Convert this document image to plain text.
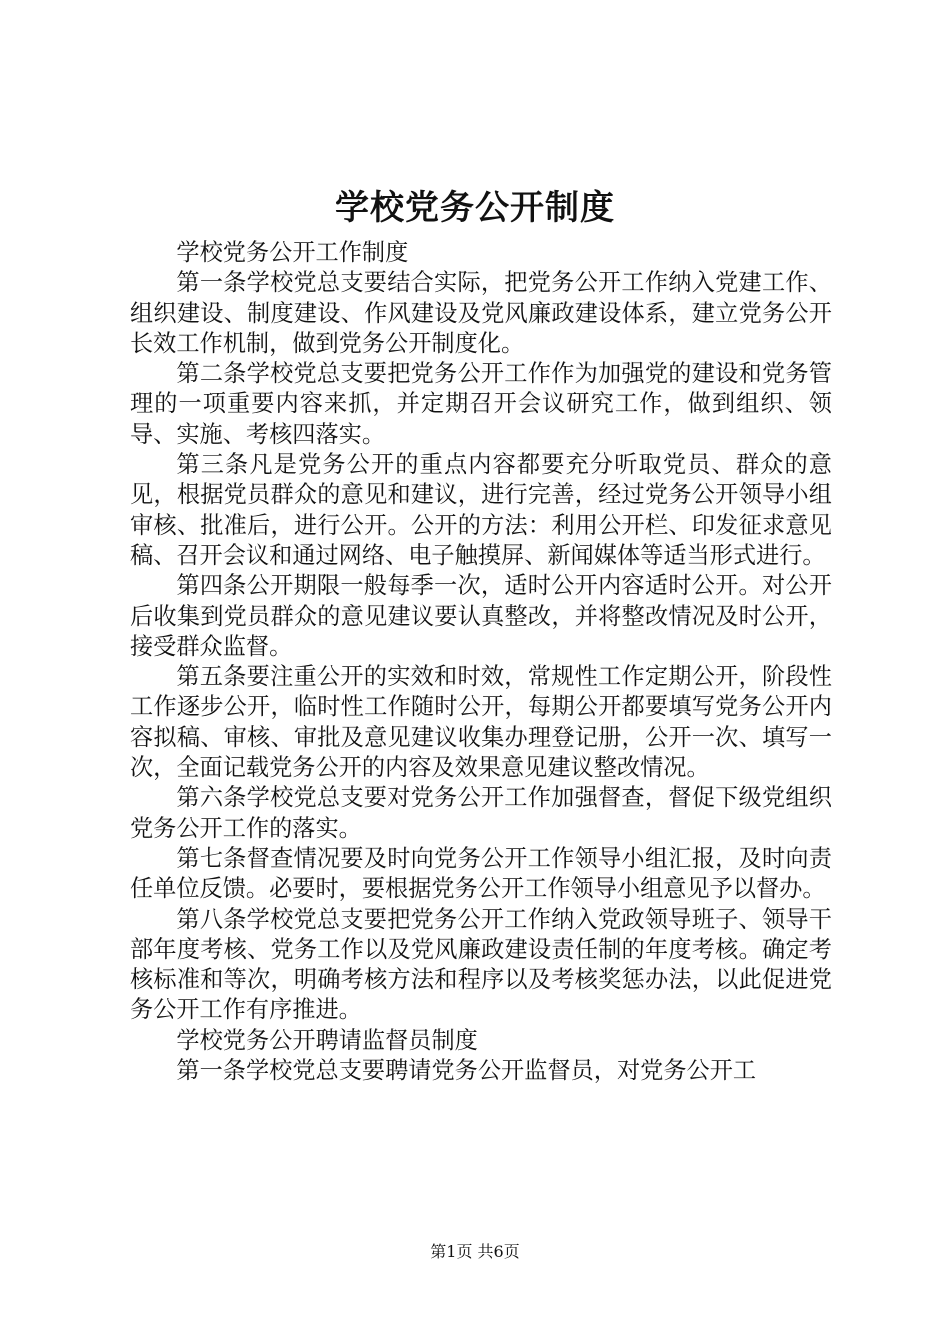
学校党务公开制度

学校党务公开工作制度

第一条学校党总支要结合实际，把党务公开工作纳入党建工作、组织建设、制度建设、作风建设及党风廉政建设体系，建立党务公开长效工作机制，做到党务公开制度化。

第二条学校党总支要把党务公开工作作为加强党的建设和党务管理的一项重要内容来抓，并定期召开会议研究工作，做到组织、领导、实施、考核四落实。

第三条凡是党务公开的重点内容都要充分听取党员、群众的意见，根据党员群众的意见和建议，进行完善，经过党务公开领导小组审核、批准后，进行公开。公开的方法：利用公开栏、印发征求意见稿、召开会议和通过网络、电子触摸屏、新闻媒体等适当形式进行。

第四条公开期限一般每季一次，适时公开内容适时公开。对公开后收集到党员群众的意见建议要认真整改，并将整改情况及时公开，接受群众监督。

第五条要注重公开的实效和时效，常规性工作定期公开，阶段性工作逐步公开，临时性工作随时公开，每期公开都要填写党务公开内容拟稿、审核、审批及意见建议收集办理登记册，公开一次、填写一次，全面记载党务公开的内容及效果意见建议整改情况。

第六条学校党总支要对党务公开工作加强督查，督促下级党组织党务公开工作的落实。

第七条督查情况要及时向党务公开工作领导小组汇报，及时向责任单位反馈。必要时，要根据党务公开工作领导小组意见予以督办。

第八条学校党总支要把党务公开工作纳入党政领导班子、领导干部年度考核、党务工作以及党风廉政建设责任制的年度考核。确定考核标准和等次，明确考核方法和程序以及考核奖惩办法，以此促进党务公开工作有序推进。

学校党务公开聘请监督员制度

第一条学校党总支要聘请党务公开监督员，对党务公开工

第1页 共6页
